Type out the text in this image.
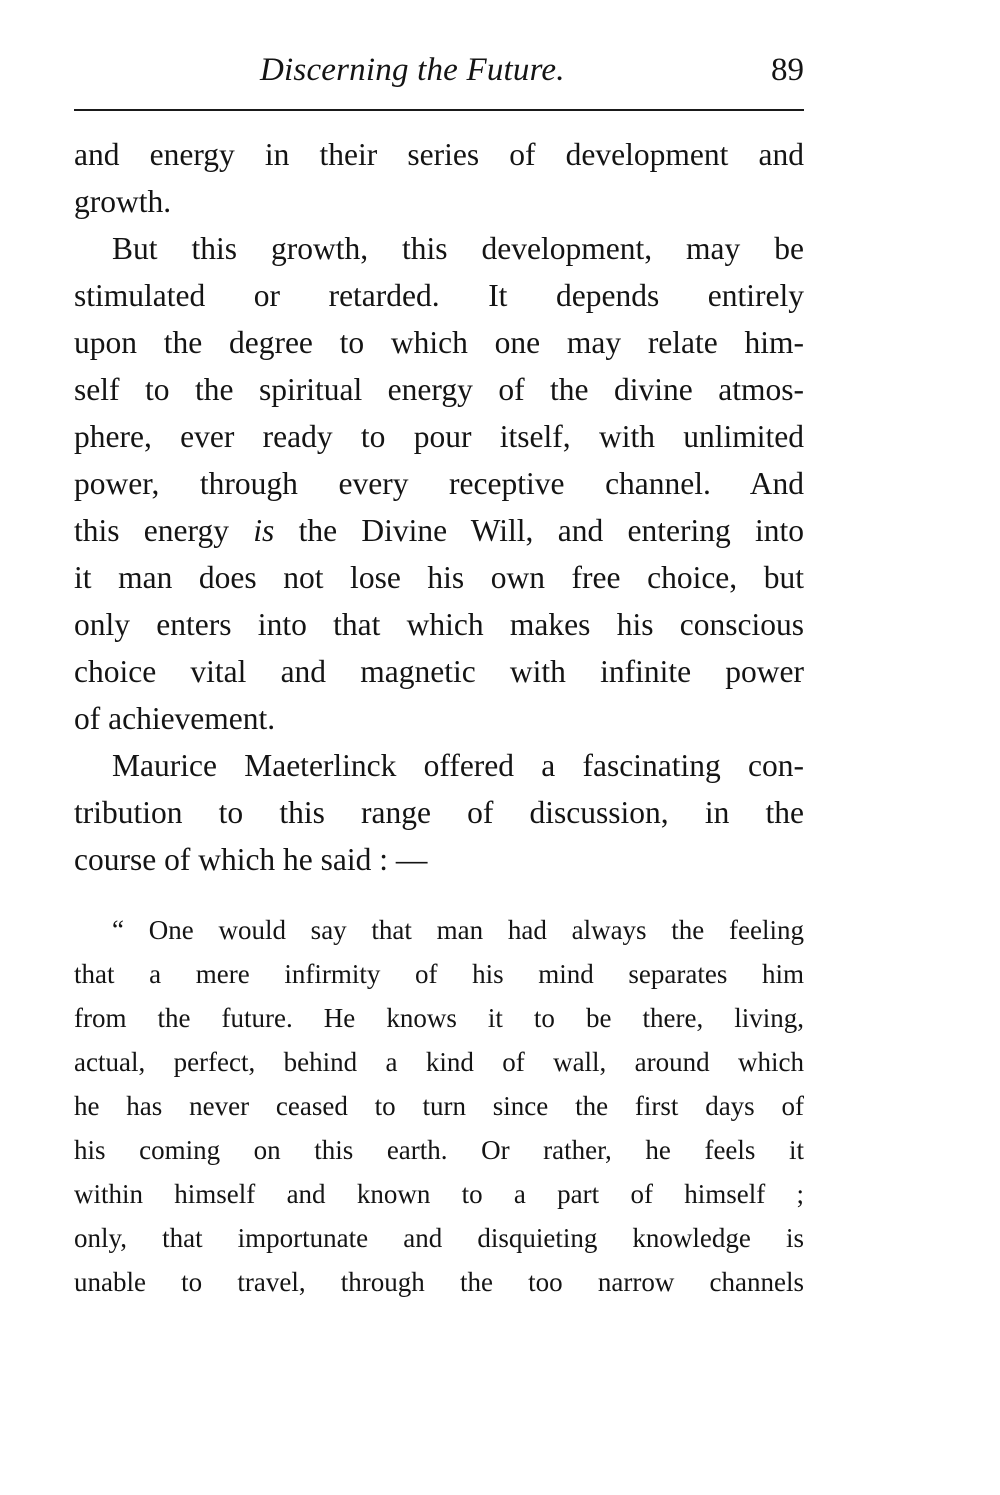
Discerning the Future.	89
and energy in their series of development and
growth.
But this growth, this development, may be
stimulated or retarded. It depends entirely
upon the degree to which one may relate him-
self to the spiritual energy of the divine atmos-
phere, ever ready to pour itself, with unlimited
power, through every receptive channel. And
this energy is the Divine Will, and entering into
it man does not lose his own free choice, but
only enters into that which makes his conscious
choice vital and magnetic with infinite power
of achievement.
Maurice Maeterlinck offered a fascinating con-
tribution to this range of discussion, in the
course of which he said : —
“ One would say that man had always the feeling
that a mere infirmity of his mind separates him
from the future. He knows it to be there, living,
actual, perfect, behind a kind of wall, around which
he has never ceased to turn since the first days of
his coming on this earth. Or rather, he feels it
within himself and known to a part of himself ;
only, that importunate and disquieting knowledge is
unable to travel, through the too narrow channels
